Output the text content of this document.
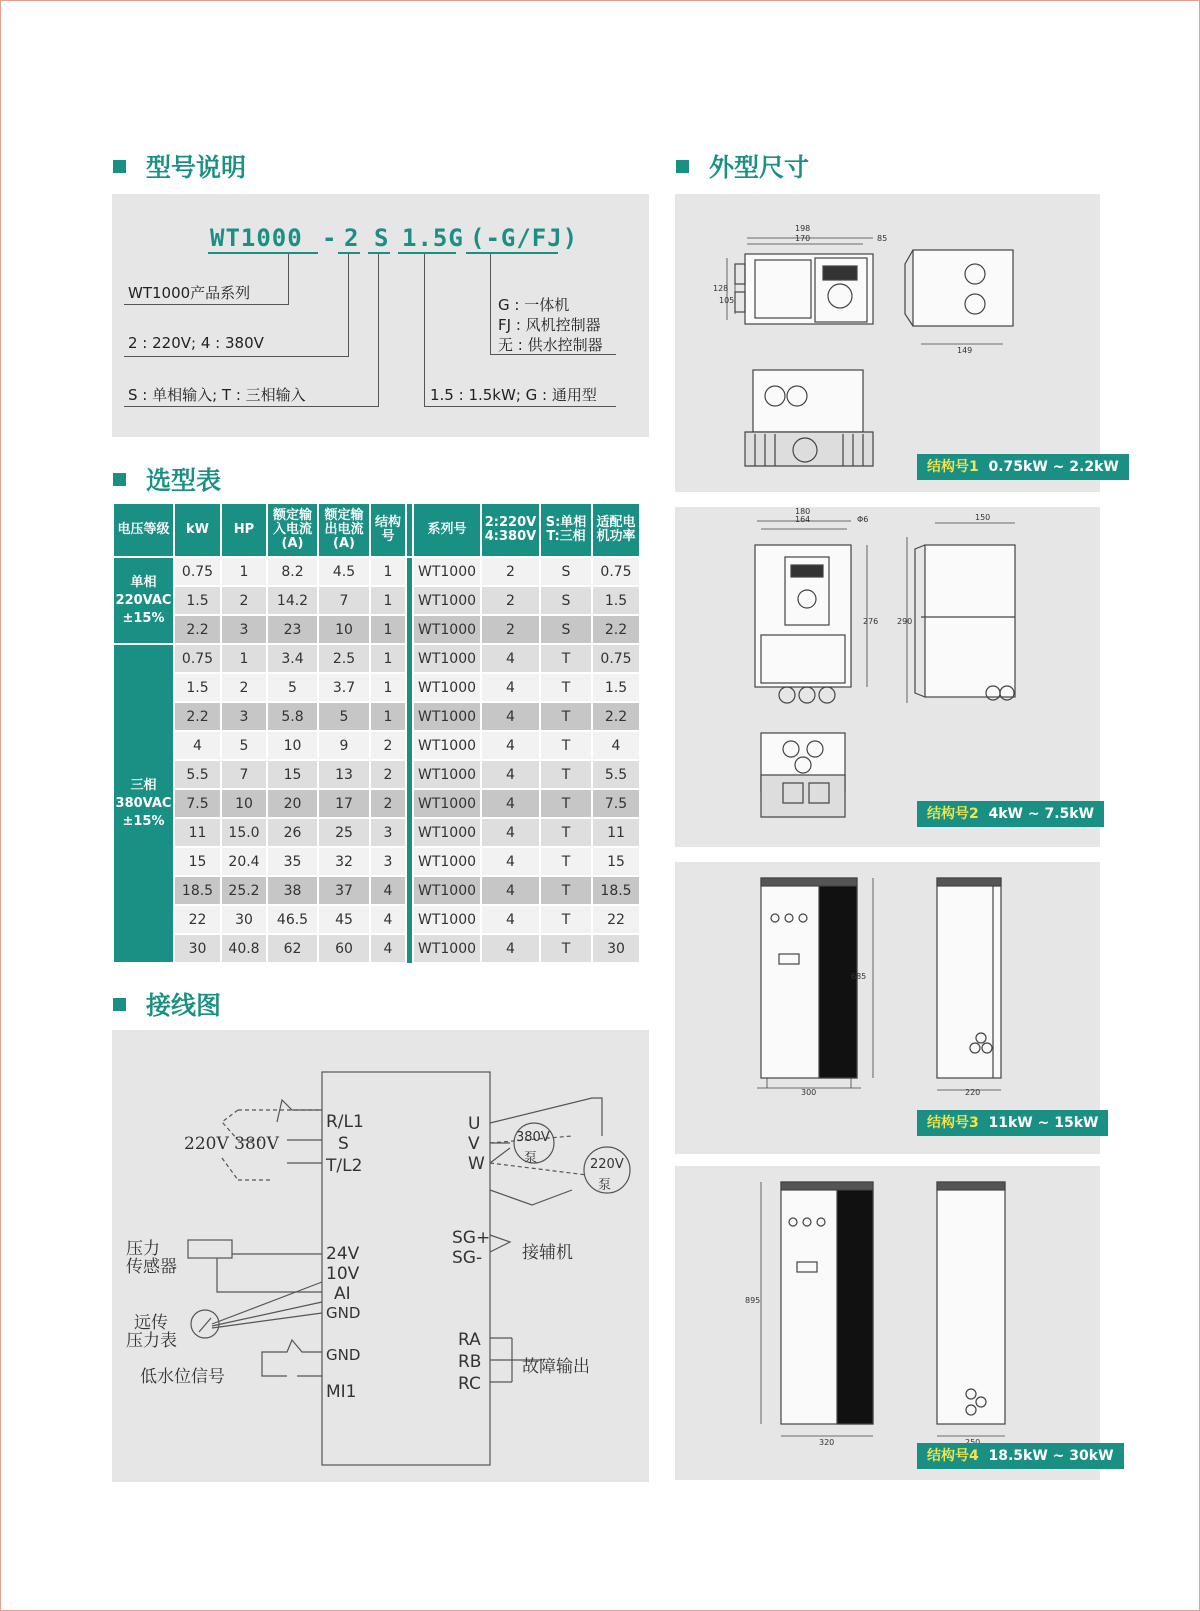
型号说明
WT1000 - 2 S 1.5G (-G/FJ)
WT1000产品系列
2 : 220V; 4 : 380V
S : 单相输入; T : 三相输入	1.5 : 1.5kW; G : 通用型
G : 一体机
FJ : 风机控制器
无 : 供水控制器
选型表
电压等级	kW	HP	额定输入电流(A)	额定输出电流(A)	结构号		系列号	2:220V 4:380V	S:单相 T:三相	适配电机功率
单相 220VAC ±15%	0.75	1	8.2	4.5	1		WT1000	2	S	0.75
	1.5	2	14.2	7	1		WT1000	2	S	1.5
	2.2	3	23	10	1		WT1000	2	S	2.2
三相 380VAC ±15%	0.75	1	3.4	2.5	1		WT1000	4	T	0.75
	1.5	2	5	3.7	1		WT1000	4	T	1.5
	2.2	3	5.8	5	1		WT1000	4	T	2.2
	4	5	10	9	2		WT1000	4	T	4
	5.5	7	15	13	2		WT1000	4	T	5.5
	7.5	10	20	17	2		WT1000	4	T	7.5
	11	15.0	26	25	3		WT1000	4	T	11
	15	20.4	35	32	3		WT1000	4	T	15
	18.5	25.2	38	37	4		WT1000	4	T	18.5
	22	30	46.5	45	4		WT1000	4	T	22
	30	40.8	62	60	4		WT1000	4	T	30
接线图
220V 380V
R/L1
S
T/L2
U
V
W
380V
泵	220V
泵
SG+
SG- 接辅机
压力
传感器
24V
10V
AI
GND
远传
压力表
GND
低水位信号
MI1
RA
RB
RC
故障输出
外型尺寸
198
170	85
128
105
149
结构号1 0.75kW ~ 2.2kW
180
164	Φ6
276 290
150
结构号2 4kW ~ 7.5kW
685
300	220
结构号3 11kW ~ 15kW
895
320
结构号4 18.5kW ~ 30kW
